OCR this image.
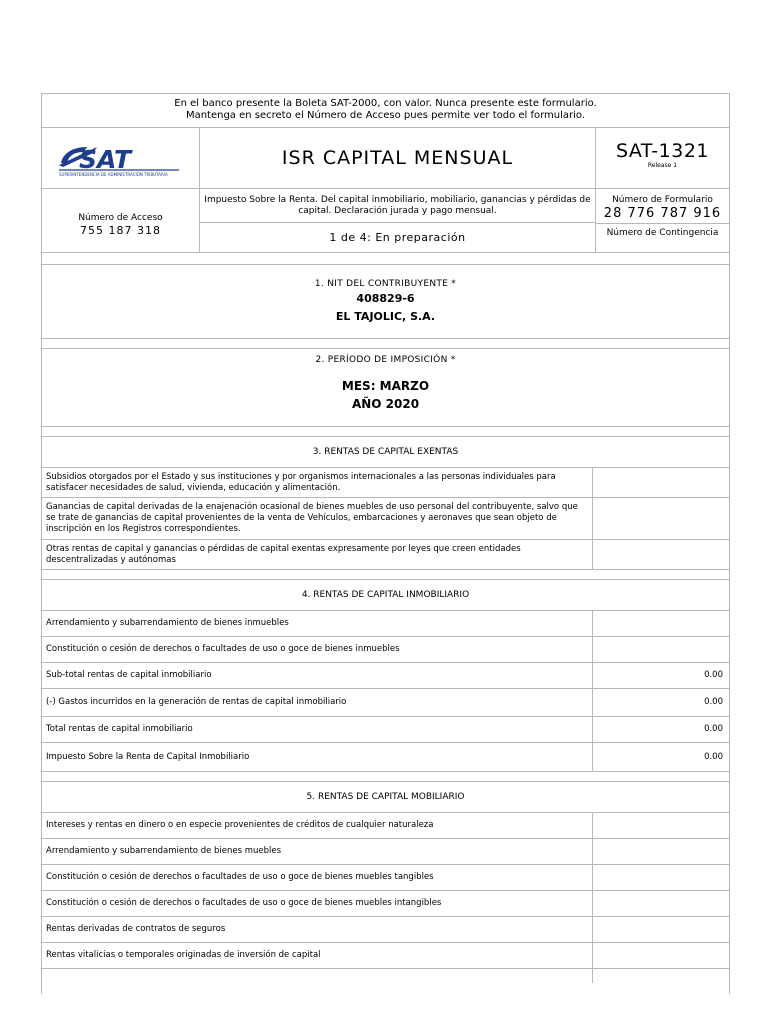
En el banco presente la Boleta SAT-2000, con valor. Nunca presente este formulario.
Mantenga en secreto el Número de Acceso pues permite ver todo el formulario.
SAT
SUPERINTENDENCIA DE ADMINISTRACIÓN TRIBUTARIA
Número de Acceso
755 187 318
ISR CAPITAL MENSUAL
Impuesto Sobre la Renta. Del capital inmobiliario, mobiliario, ganancias y pérdidas de capital. Declaración jurada y pago mensual.
1 de 4: En preparación
SAT-1321
Release 1
Número de Formulario
28 776 787 916
Número de Contingencia
1. NIT DEL CONTRIBUYENTE *
408829-6
EL TAJOLIC, S.A.
2. PERÍODO DE IMPOSICIÓN *
MES: MARZO
AÑO 2020
3. RENTAS DE CAPITAL EXENTAS
Subsidios otorgados por el Estado y sus instituciones y por organismos internacionales a las personas individuales para satisfacer necesidades de salud, vivienda, educación y alimentación.
Ganancias de capital derivadas de la enajenación ocasional de bienes muebles de uso personal del contribuyente, salvo que se trate de ganancias de capital provenientes de la venta de Vehículos, embarcaciones y aeronaves que sean objeto de inscripción en los Registros correspondientes.
Otras rentas de capital y ganancias o pérdidas de capital exentas expresamente por leyes que creen entidades descentralizadas y autónomas
4. RENTAS DE CAPITAL INMOBILIARIO
Arrendamiento y subarrendamiento de bienes inmuebles
Constitución o cesión de derechos o facultades de uso o goce de bienes inmuebles
Sub-total rentas de capital inmobiliario	0.00
(-) Gastos incurridos en la generación de rentas de capital inmobiliario	0.00
Total rentas de capital inmobiliario	0.00
Impuesto Sobre la Renta de Capital Inmobiliario	0.00
5. RENTAS DE CAPITAL MOBILIARIO
Intereses y rentas en dinero o en especie provenientes de créditos de cualquier naturaleza
Arrendamiento y subarrendamiento de bienes muebles
Constitución o cesión de derechos o facultades de uso o goce de bienes muebles tangibles
Constitución o cesión de derechos o facultades de uso o goce de bienes muebles intangibles
Rentas derivadas de contratos de seguros
Rentas vitalicias o temporales originadas de inversión de capital
